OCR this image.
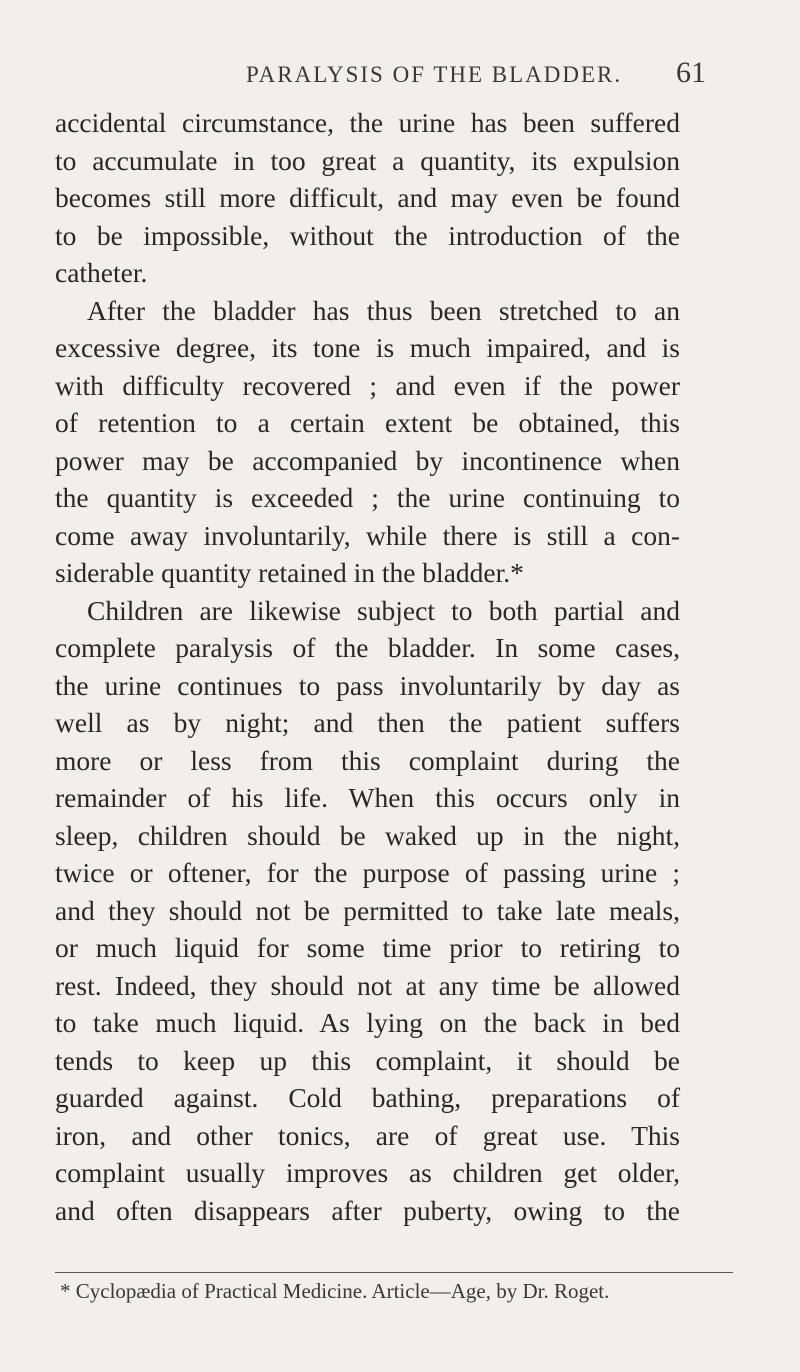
PARALYSIS OF THE BLADDER.	61
accidental circumstance, the urine has been suffered
to accumulate in too great a quantity, its expulsion
becomes still more difficult, and may even be found
to be impossible, without the introduction of the
catheter.
After the bladder has thus been stretched to an
excessive degree, its tone is much impaired, and is
with difficulty recovered ; and even if the power
of retention to a certain extent be obtained, this
power may be accompanied by incontinence when
the quantity is exceeded ; the urine continuing to
come away involuntarily, while there is still a con-
siderable quantity retained in the bladder.*
Children are likewise subject to both partial and
complete paralysis of the bladder. In some cases,
the urine continues to pass involuntarily by day as
well as by night; and then the patient suffers
more or less from this complaint during the
remainder of his life. When this occurs only in
sleep, children should be waked up in the night,
twice or oftener, for the purpose of passing urine ;
and they should not be permitted to take late meals,
or much liquid for some time prior to retiring to
rest. Indeed, they should not at any time be allowed
to take much liquid. As lying on the back in bed
tends to keep up this complaint, it should be
guarded against. Cold bathing, preparations of
iron, and other tonics, are of great use. This
complaint usually improves as children get older,
and often disappears after puberty, owing to the
* Cyclopædia of Practical Medicine. Article—Age, by Dr. Roget.
